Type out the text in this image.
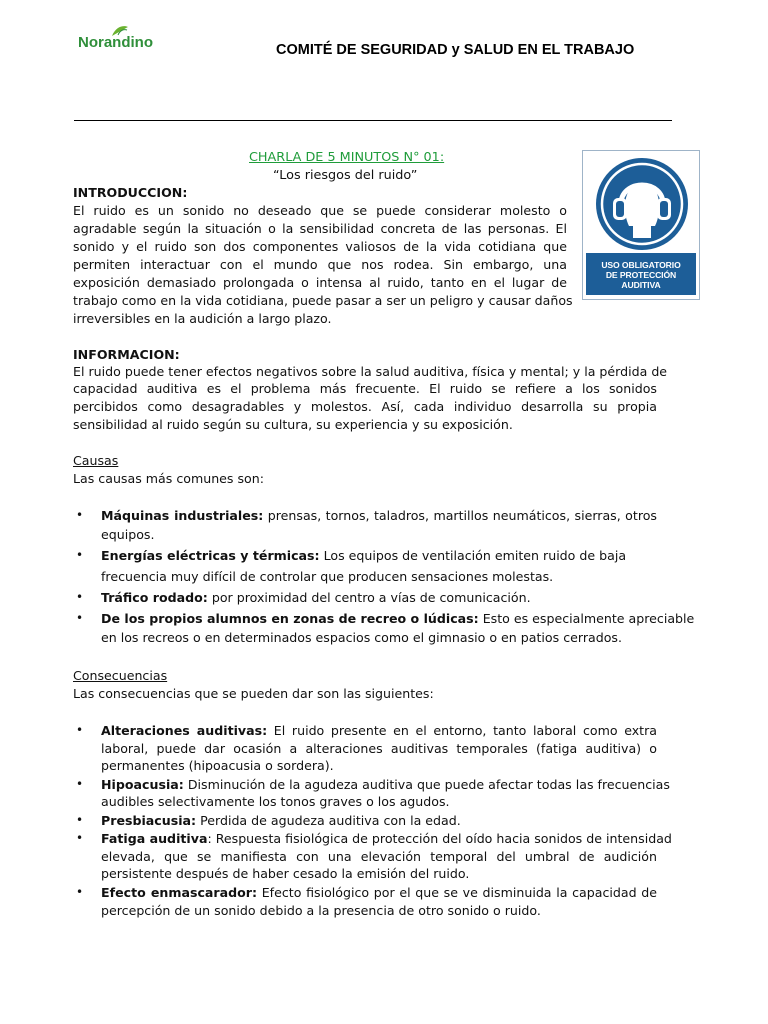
Norandino	COMITÉ DE SEGURIDAD y SALUD EN EL TRABAJO
USO OBLIGATORIO
DE PROTECCIÓN
AUDITIVA
CHARLA DE 5 MINUTOS N° 01:
“Los riesgos del ruido”
INTRODUCCION:
El ruido es un sonido no deseado que se puede considerar molesto o
agradable según la situación o la sensibilidad concreta de las personas. El
sonido y el ruido son dos componentes valiosos de la vida cotidiana que
permiten interactuar con el mundo que nos rodea. Sin embargo, una
exposición demasiado prolongada o intensa al ruido, tanto en el lugar de
trabajo como en la vida cotidiana, puede pasar a ser un peligro y causar daños
irreversibles en la audición a largo plazo.
INFORMACION:
El ruido puede tener efectos negativos sobre la salud auditiva, física y mental; y la pérdida de
capacidad auditiva es el problema más frecuente. El ruido se refiere a los sonidos
percibidos como desagradables y molestos. Así, cada individuo desarrolla su propia
sensibilidad al ruido según su cultura, su experiencia y su exposición.
Causas
Las causas más comunes son:
• Máquinas industriales: prensas, tornos, taladros, martillos neumáticos, sierras, otros
equipos.
• Energías eléctricas y térmicas: Los equipos de ventilación emiten ruido de baja
frecuencia muy difícil de controlar que producen sensaciones molestas.
• Tráfico rodado: por proximidad del centro a vías de comunicación.
• De los propios alumnos en zonas de recreo o lúdicas: Esto es especialmente apreciable
en los recreos o en determinados espacios como el gimnasio o en patios cerrados.
Consecuencias
Las consecuencias que se pueden dar son las siguientes:
• Alteraciones auditivas: El ruido presente en el entorno, tanto laboral como extra
laboral, puede dar ocasión a alteraciones auditivas temporales (fatiga auditiva) o
permanentes (hipoacusia o sordera).
• Hipoacusia: Disminución de la agudeza auditiva que puede afectar todas las frecuencias
audibles selectivamente los tonos graves o los agudos.
• Presbiacusia: Perdida de agudeza auditiva con la edad.
• Fatiga auditiva: Respuesta fisiológica de protección del oído hacia sonidos de intensidad
elevada, que se manifiesta con una elevación temporal del umbral de audición
persistente después de haber cesado la emisión del ruido.
• Efecto enmascarador: Efecto fisiológico por el que se ve disminuida la capacidad de
percepción de un sonido debido a la presencia de otro sonido o ruido.
